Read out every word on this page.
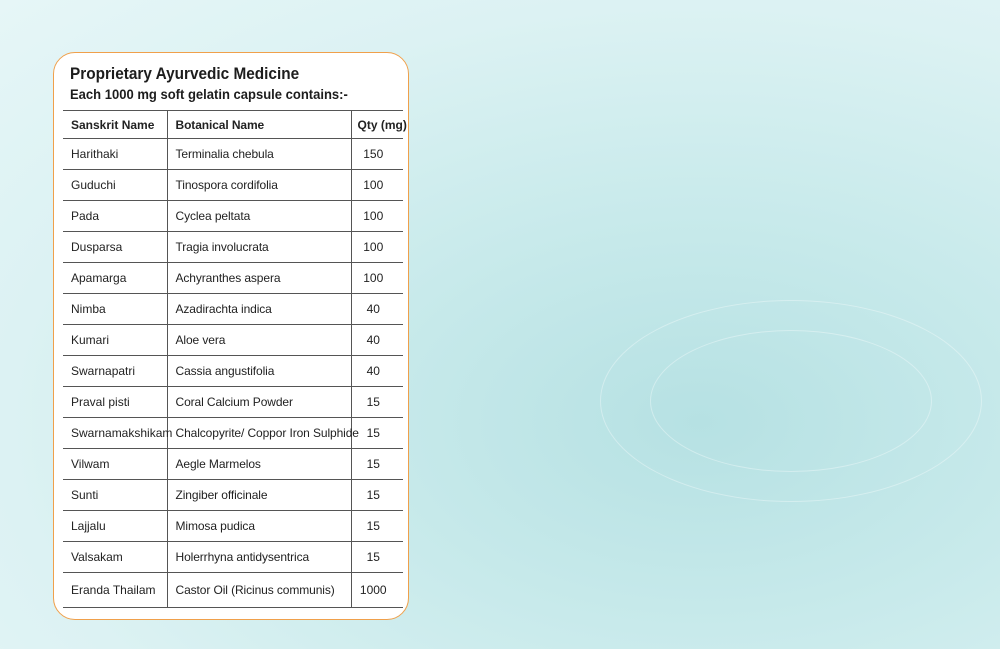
Proprietary Ayurvedic Medicine
Each 1000 mg soft gelatin capsule contains:-
Sanskrit Name	Botanical Name	Qty (mg)
Harithaki	Terminalia chebula	150
Guduchi	Tinospora cordifolia	100
Pada	Cyclea peltata	100
Dusparsa	Tragia involucrata	100
Apamarga	Achyranthes aspera	100
Nimba	Azadirachta indica	40
Kumari	Aloe vera	40
Swarnapatri	Cassia angustifolia	40
Praval pisti	Coral Calcium Powder	15
Swarnamakshikam	Chalcopyrite/ Coppor Iron Sulphide	15
Vilwam	Aegle Marmelos	15
Sunti	Zingiber officinale	15
Lajjalu	Mimosa pudica	15
Valsakam	Holerrhyna antidysentrica	15
Eranda Thailam	Castor Oil (Ricinus communis)	1000
